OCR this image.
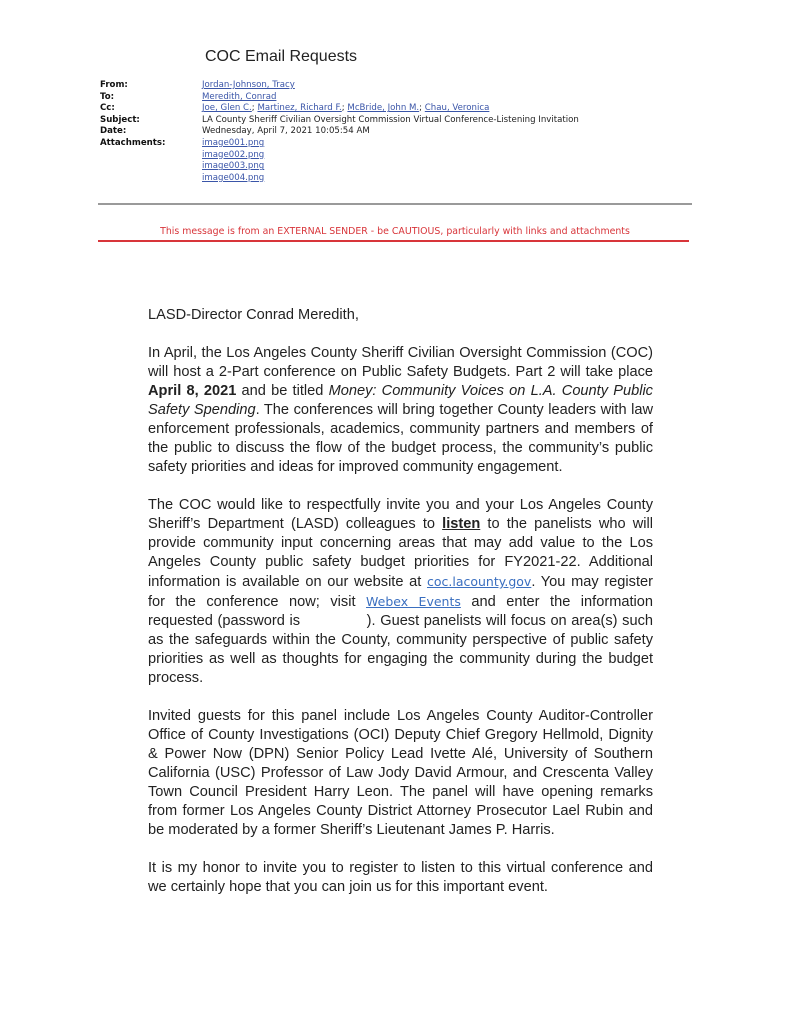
COC Email Requests
From:	Jordan-Johnson, Tracy
To:	Meredith, Conrad
Cc:	Joe, Glen C.; Martinez, Richard F.; McBride, John M.; Chau, Veronica
Subject:	LA County Sheriff Civilian Oversight Commission Virtual Conference-Listening Invitation
Date:	Wednesday, April 7, 2021 10:05:54 AM
Attachments:	image001.png
image002.png
image003.png
image004.png

This message is from an EXTERNAL SENDER - be CAUTIOUS, particularly with links and attachments

LASD-Director Conrad Meredith,

In April, the Los Angeles County Sheriff Civilian Oversight Commission (COC) will host a 2-Part conference on Public Safety Budgets. Part 2 will take place April 8, 2021 and be titled Money: Community Voices on L.A. County Public Safety Spending. The conferences will bring together County leaders with law enforcement professionals, academics, community partners and members of the public to discuss the flow of the budget process, the community’s public safety priorities and ideas for improved community engagement.

The COC would like to respectfully invite you and your Los Angeles County Sheriff’s Department (LASD) colleagues to listen to the panelists who will provide community input concerning areas that may add value to the Los Angeles County public safety budget priorities for FY2021-22. Additional information is available on our website at coc.lacounty.gov. You may register for the conference now; visit Webex Events and enter the information requested (password is	). Guest panelists will focus on area(s) such as the safeguards within the County, community perspective of public safety priorities as well as thoughts for engaging the community during the budget process.

Invited guests for this panel include Los Angeles County Auditor-Controller Office of County Investigations (OCI) Deputy Chief Gregory Hellmold, Dignity & Power Now (DPN) Senior Policy Lead Ivette Alé, University of Southern California (USC) Professor of Law Jody David Armour, and Crescenta Valley Town Council President Harry Leon. The panel will have opening remarks from former Los Angeles County District Attorney Prosecutor Lael Rubin and be moderated by a former Sheriff’s Lieutenant James P. Harris.

It is my honor to invite you to register to listen to this virtual conference and we certainly hope that you can join us for this important event.
